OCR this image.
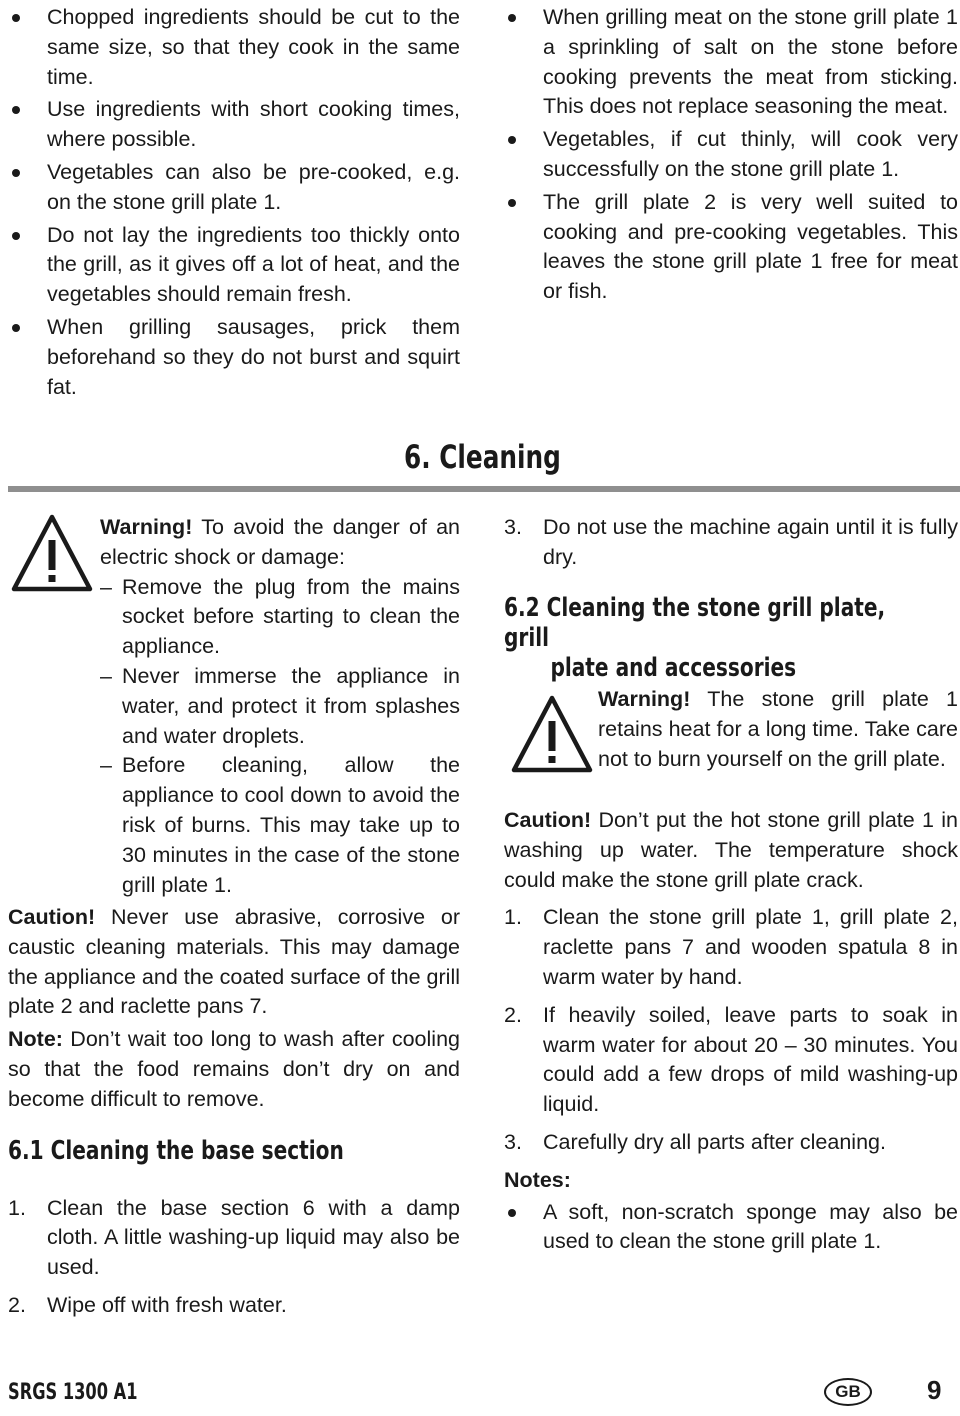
Chopped ingredients should be cut to the same size, so that they cook in the same time.
Use ingredients with short cooking times, where possible.
Vegetables can also be pre-cooked, e.g. on the stone grill plate 1.
Do not lay the ingredients too thickly onto the grill, as it gives off a lot of heat, and the vegetables should remain fresh.
When grilling sausages, prick them beforehand so they do not burst and squirt fat.
When grilling meat on the stone grill plate 1 a sprinkling of salt on the stone before cooking prevents the meat from sticking. This does not replace seasoning the meat.
Vegetables, if cut thinly, will cook very successfully on the stone grill plate 1.
The grill plate 2 is very well suited to cooking and pre-cooking vegetables. This leaves the stone grill plate 1 free for meat or fish.
6. Cleaning

Warning! To avoid the danger of an electric shock or damage:

– Remove the plug from the mains socket before starting to clean the appliance.
– Never immerse the appliance in water, and protect it from splashes and water droplets.
– Before cleaning, allow the appliance to cool down to avoid the risk of burns. This may take up to 30 minutes in the case of the stone grill plate 1.

Caution! Never use abrasive, corrosive or caustic cleaning materials. This may damage the appliance and the coated surface of the grill plate 2 and raclette pans 7.

Note: Don’t wait too long to wash after cooling so that the food remains don’t dry on and become difficult to remove.

6.1 Cleaning the base section
1. Clean the base section 6 with a damp cloth. A little washing-up liquid may also be used.
2. Wipe off with fresh water.
3. Do not use the machine again until it is fully dry.
6.2 Cleaning the stone grill plate, grill
plate and accessories

Warning! The stone grill plate 1 retains heat for a long time. Take care not to burn yourself on the grill plate.

Caution! Don’t put the hot stone grill plate 1 in washing up water. The temperature shock could make the stone grill plate crack.

1. Clean the stone grill plate 1, grill plate 2, raclette pans 7 and wooden spatula 8 in warm water by hand.
2. If heavily soiled, leave parts to soak in warm water for about 20 – 30 minutes. You could add a few drops of mild washing-up liquid.
3. Carefully dry all parts after cleaning.

Notes:

A soft, non-scratch sponge may also be used to clean the stone grill plate 1.
SRGS 1300 A1	GB	9
